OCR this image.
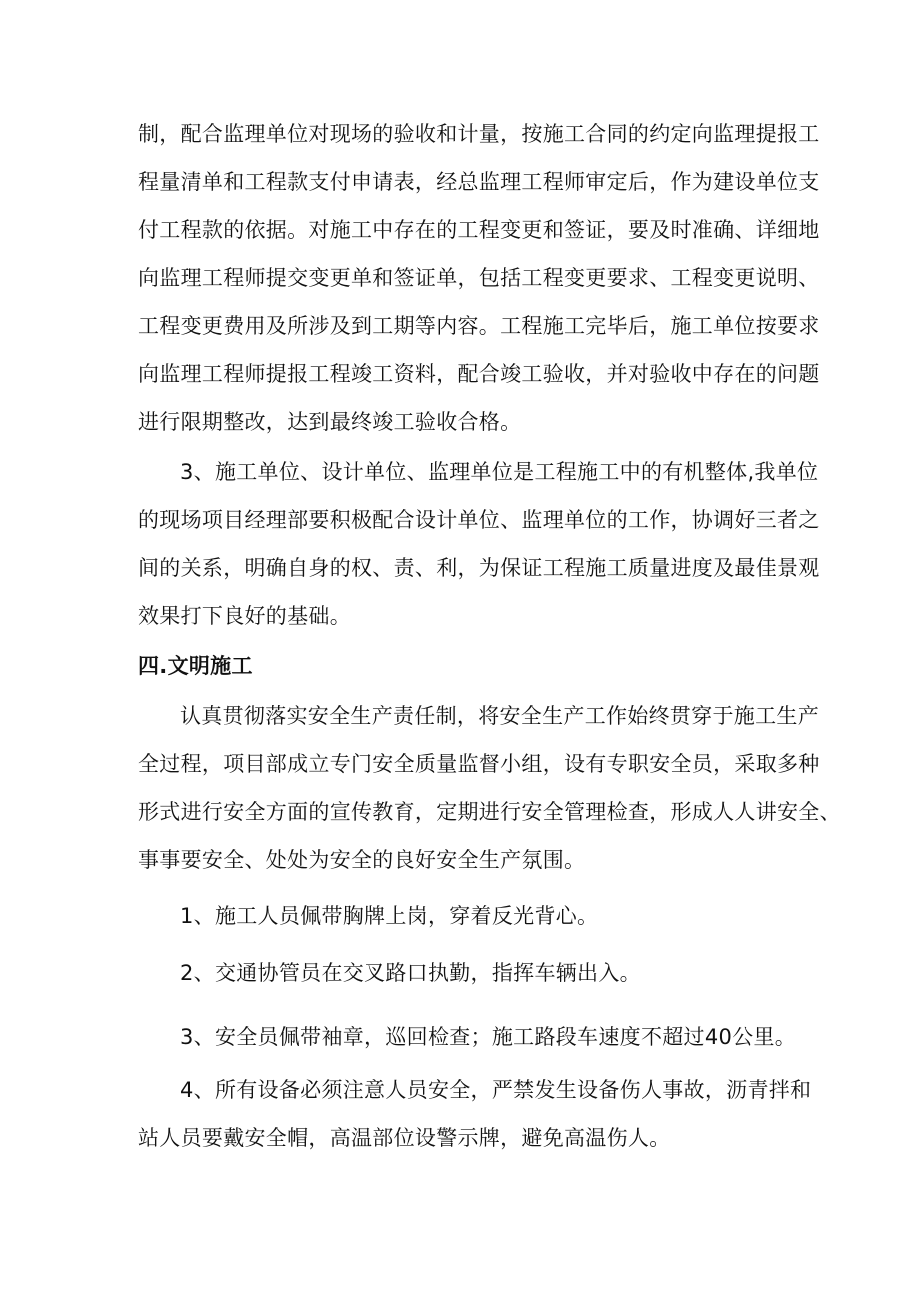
制，配合监理单位对现场的验收和计量，按施工合同的约定向监理提报工
程量清单和工程款支付申请表，经总监理工程师审定后，作为建设单位支
付工程款的依据。对施工中存在的工程变更和签证，要及时准确、详细地
向监理工程师提交变更单和签证单，包括工程变更要求、工程变更说明、
工程变更费用及所涉及到工期等内容。工程施工完毕后，施工单位按要求
向监理工程师提报工程竣工资料，配合竣工验收，并对验收中存在的问题
进行限期整改，达到最终竣工验收合格。
3、施工单位、设计单位、监理单位是工程施工中的有机整体,我单位
的现场项目经理部要积极配合设计单位、监理单位的工作，协调好三者之
间的关系，明确自身的权、责、利，为保证工程施工质量进度及最佳景观
效果打下良好的基础。
四.文明施工
认真贯彻落实安全生产责任制，将安全生产工作始终贯穿于施工生产
全过程，项目部成立专门安全质量监督小组，设有专职安全员，采取多种
形式进行安全方面的宣传教育，定期进行安全管理检查，形成人人讲安全、
事事要安全、处处为安全的良好安全生产氛围。
1、施工人员佩带胸牌上岗，穿着反光背心。
2、交通协管员在交叉路口执勤，指挥车辆出入。
3、安全员佩带袖章，巡回检查；施工路段车速度不超过40公里。
4、所有设备必须注意人员安全，严禁发生设备伤人事故，沥青拌和
站人员要戴安全帽，高温部位设警示牌，避免高温伤人。
